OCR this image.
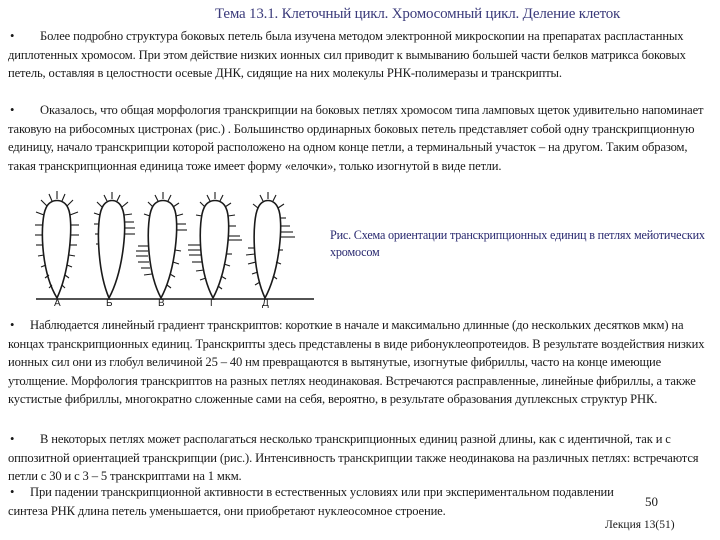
Тема 13.1. Клеточный цикл. Хромосомный цикл. Деление клеток
• Более подробно структура боковых петель была изучена методом электронной микроскопии на препаратах распластанных диплотенных хромосом. При этом действие низких ионных сил приводит к вымыванию большей части белков матрикса боковых петель, оставляя в целостности осевые ДНК, сидящие на них молекулы РНК-полимеразы и транскрипты.
• Оказалось, что общая морфология транскрипции на боковых петлях хромосом типа ламповых щеток удивительно напоминает таковую на рибосомных цистронах (рис.) . Большинство ординарных боковых петель представляет собой одну транскрипционную единицу, начало транскрипции которой расположено на одном конце петли, а терминальный участок – на другом. Таким образом, такая транскрипционная единица тоже имеет форму «елочки», только изогнутой в виде петли.
А	Б	В	Г	Д
Рис. Схема ориентации транскрипционных единиц в петлях мейотических хромосом
• Наблюдается линейный градиент транскриптов: короткие в начале и максимально длинные (до нескольких десятков мкм) на концах транскрипционных единиц. Транскрипты здесь представлены в виде рибонуклеопротеидов. В результате воздействия низких ионных сил они из глобул величиной 25 – 40 нм превращаются в вытянутые, изогнутые фибриллы, часто на конце имеющие утолщение. Морфология транскриптов на разных петлях неодинаковая. Встречаются расправленные, линейные фибриллы, а также кустистые фибриллы, многократно сложенные сами на себя, вероятно, в результате образования дуплексных структур РНК.
• В некоторых петлях может располагаться несколько транскрипционных единиц разной длины, как с идентичной, так и с оппозитной ориентацией транскрипции (рис.). Интенсивность транскрипции также неодинакова на различных петлях: встречаются петли с 30 и с 3 – 5 транскриптами на 1 мкм.
• При падении транскрипционной активности в естественных условиях или при экспериментальном подавлении синтеза РНК длина петель уменьшается, они приобретают нуклеосомное строение.
50
Лекция 13(51)
